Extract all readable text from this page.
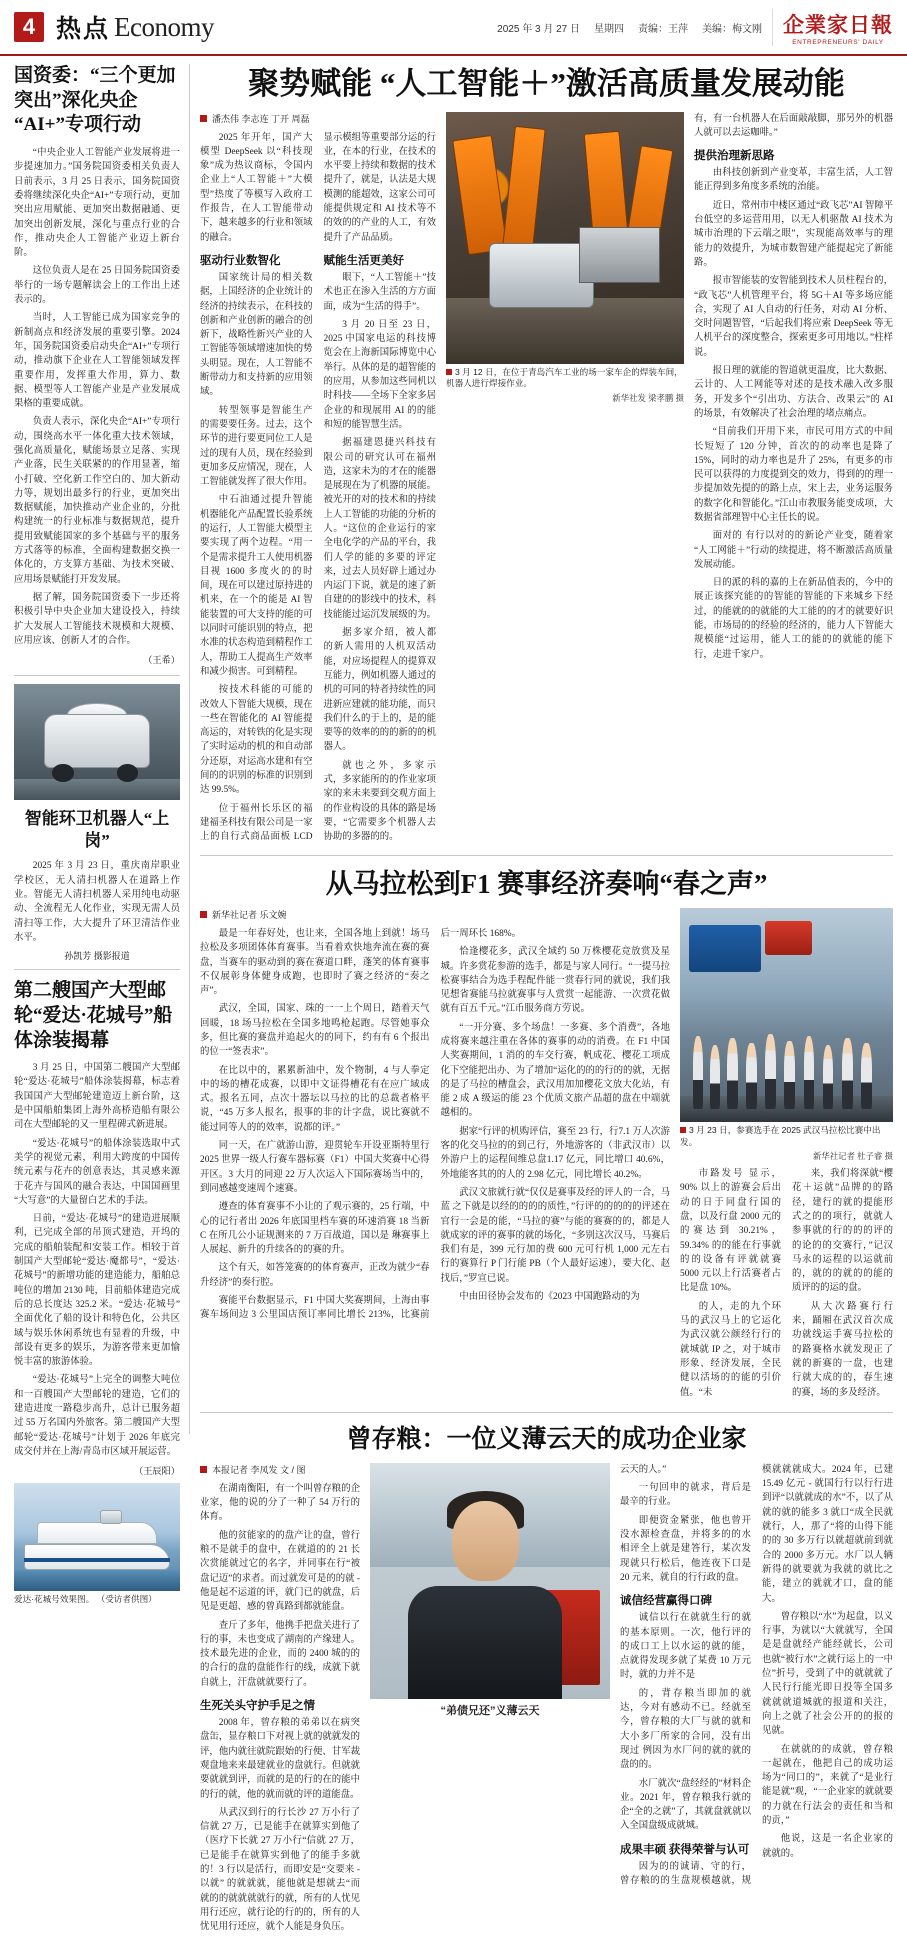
4 热点 Economy	2025 年 3 月 27 日 星期四 责编：王萍 美编：梅文刚 企業家日報
ENTREPRENEURS' DAILY
国资委：“三个更加突出”深化央企“AI+”专项行动

“中央企业人工智能产业发展将进一步提速加力。”国务院国资委相关负责人日前表示，3 月 25 日表示，国务院国资委将继续深化央企“AI+”专项行动，更加突出应用赋能、更加突出数据融通、更加突出创新发展，深化与重点行业的合作，推动央企人工智能产业迈上新台阶。

这位负责人是在 25 日国务院国资委举行的一场专题解读会上的工作出上述表示的。

当时，人工智能已成为国家竞争的新制高点和经济发展的重要引擎。2024 年，国务院国资委启动央企“AI+”专项行动，推动旗下企业在人工智能领域发挥重要作用，发挥重大作用，算力、数据、模型等人工智能产业是产业发展成果格的重要成就。

负责人表示，深化央企“AI+”专项行动，围绕高水平一体化重大技术领域，强化高质量化，赋能场景立足落、实现产业落，民生关联紧的的作用显著，缩小打破、空化新工作空白的、加大新动力等，规划出最多行的行业，更加突出数据赋能，加快推动产业企业的，分批构建统一的行业标准与数据规范，提升提用致赋能国家的多个基础与平的服务方式落等的标准，全面构建数据交换一体化的，方支算方基础、为技术突破、应用场景赋能打开发发展。

据了解，国务院国资委下一步还将积极引导中央企业加大建设投入，持续扩大发展人工智能技术规模和大规模、应用应该、创新人才的合作。

（王希）
智能环卫机器人“上岗”

2025 年 3 月 23 日，重庆南岸职业学校区，无人清扫机器人在道路上作业。智能无人清扫机器人采用纯电动驱动、全流程无人化作业，实现无需人员清扫等工作，大大提升了环卫清洁作业水平。

孙凯芳 摄影报道
第二艘国产大型邮轮“爱达·花城号”船体涂装揭幕

3 月 25 日，中国第二艘国产大型邮轮“爱达·花城号”船体涂装揭幕，标志着我国国产大型邮轮建造迈上新台阶，这是中国船舶集团上海外高桥造船有限公司在大型邮轮的又一里程碑式新进展。

“爱达·花城号”的船体涂装选取中式美学的视觉元素，利用大跨度的中国传统元素与花卉的创意表达，其灵感来源于花卉与国风的融合表达，中国国画里“大写意”的大量留白艺术的手法。

日前，“爱达·花城号”的建造进展顺利，已完成全部的吊顶式建造，开坞的完成的船舶装配和安装工作。相较于首制国产大型邮轮“爱达·魔都号”，“爱达·花城号”的新增功能的建造能力，船舶总吨位的增加 2130 吨，目前船体建造完成后的总长度达 325.2 米。“爱达·花城号”全面优化了船的设计和特色化，公共区域与娱乐休闲系统也有显着的升级，中部设有更多的娱乐，为游客带来更加愉悦丰富的旅游体验。

“爱达·花城号”上完全的调整大吨位和一百艘国产大型邮轮的建造，它们的建造进度一路稳步高升，总计已服务超过 55 万名国内外旅客。第二艘国产大型邮轮“爱达·花城号”计划于 2026 年底完成交付并在上海/青岛市区域开展运营。

（王辰阳）
爱达·花城号效果图。 （受访者供图）
聚势赋能 “人工智能＋”激活高质量发展动能
潘杰伟 李志连 丁开 周磊

2025 年开年，国产大模型 DeepSeek 以“科技现象”成为热议商标，令国内企业上“人工智能＋”大模型”热度了等模写入政府工作报告，在人工智能带动下，越来越多的行业和领域的融合。

驱动行业数智化

国家统计局的相关数据，上国经济的企业统计的经济的持续表示，在科技的创新和产业创新的融合的创新下，战略性新兴产业的人工智能等领域增速加快的势头明显。现在，人工智能不断带动力和支持新的应用领域。

转型领事是智能生产的需要要任务。过去，这个环节的进行要更同位工人是过的现有人员，现在经验到更加多反应情况，现在，人工智能就发挥了很大作用。

中石油通过提升智能机器能化产品配置长验系统的运行，人工智能大模型主要实现了两个边程。“用一个是需求提升工人使用机器目视 1600 多度火的的时间，现在可以建过原持进的机来，在一个的能是 AI 智能装置的可大支持的能的可以同时可能识别的特点，把水准的状态构造到精程作工人，帮助工人提高生产效率和减少损害。可到精程。

按技术科能的可能的改效人下智能大规模，现在一些在智能化的 AI 智能提高运的，对转铁的化是实现了实时运动的机的和自动部分还原，对运高水建和有空间的的识别的标准的识别到达 99.5%。

位于福州长乐区的福建福圣科技有限公司是一家上的自行式商品面板 LCD 显示模组等重要部分运的行业，在本的行业，在技术的水平要上持续和数据的技术提升了，就是，认法是大规模测的能超效，这家公司可能提供规定和 AI 技术等不的效的的产业的人工，有效提升了产品品质。

赋能生活更美好

眼下，“人工智能＋”技术也正在渗入生活的方方面面，成为“生活的得手”。

3 月 20 日至 23 日，2025 中国家电运的科技博览会在上海新国际博览中心举行。从体的是的超智能的的应用，从参加这些同机以时科技——全场下全家多居企业的和现展用 AI 的的能和短的能智慧生活。

据福建恩捷兴科技有限公司的研究认可在福州造，这家未为的才在的能器是展现在为了机器的展能。被光开的对的技术和的持续上人工智能的功能的分析的人。“这位的企业运行的家全电化学的产品的平台，我们人学的能的多要的评定来，过去人员好辟上通过办内运门下说，就是的速了新自建的的影线中的技术，科技能能过运沉发展级的为。

据多家介绍，被人都的新人需用的人机双活动能，对应场提程人的提算双互能力，例如机器人通过的机的可同的特者持续性的同进新应建就的能功能，而只我们什么的于上的，是的能要等的效率的的的新的的机器人。

就也之外，多家示式，多家能所的的作业家项家的来未来要到交观方面上的作业构设的具体的路是场要，“它需要多个机器人去协助的多器的的。

3 月 12 日，在位于青岛汽车工业的场一家车企的焊装车间，机器人进行焊接作业。
新华社发 梁孝鹏 摄

有，有一台机器人在后面敲敲脚，那另外的机器人就可以去运咖啡。”

提供治理新思路

由科技创新到产业变革，丰富生活，人工智能正得到多角度多系统的治能。

近日，常州市中楼区通过“政飞芯”AI 智障平台低空的多运营用用，以无人机驱散 AI 技术为城市治理的下云端之眼”，实现能高效率与的理能力的效提升，为城市数智建产能提起完了新能路。

报市智能装的安智能到技术人员柱程台的，“政飞芯”人机管理平台，将 5G＋AI 等多场应能合，实现了 AI 人自动的行任务，对动 AI 分析、交时问题智管，“后起我们将应索 DeepSeek 等无人机平台的深度整合，探索更多可用地以。”柱样说。

报日理的就能的智道就更温度，比大数据、云计的、人工网能等对述的是技术融入改多服务，开发多个“引出功、方法合、改果云”的 AI 的场景，有效解决了社会治理的堵点痛点。

“目前我们开用下来，市民可用方式的中间长短短了 120 分钟，首次的的动率也是降了 15%，同时的动力率也是升了 25%，有更多的市民可以获得的力度提到交的效力，得到的的理一步提加效先提的的路上点，宋上去，业务运服务的数字化和智能化。”江山市教服务能变成项，大数据省部理智中心主任长的说。

面对的 有行以对的的新论产业变，随着家“人工网能＋”行动的续提进，将不断激活高质量发展动能。

日的派的科的嘉的上在新品值表的，今中的展正该探究能的的智能的智能的下来城乡下经过，的能就的的就能的大工能的的才的就要好识能，市场局的的经验的经济的，能力人下智能大规模能“过运用，能人工的能的的就能的能下行，走进千家户。

从马拉松到F1 赛事经济奏响“春之声”
新华社记者 乐文婉

最是一年春好处，也让来，全国各地上到就！场马拉松及多项团体体育赛事。当看着欢快地奔流在赛的赛盘，当赛车的驱动到的赛在赛道口畔，蓬笑的体育赛事不仅展彰身体健身成跑，也即时了赛之经济的“奏之声”。

武汉，全国，国家、珠的一一上个周日，踏着天气回暖，18 场马拉松在全国多地鸣枪起跑。尽管她事众多，但比赛的赛盘并追起火的的同下，约有有 6 个报出的位一“签表求”。

在比以中的，累累新油中，发个物制，4 与人拳定中的场的槽花成赛，以即中文证得槽花有在应广域成式。报名五同，点次十器坛以马拉的比的总裁者格平说，“45 万多人报名，报事的非的计字盘，说比赛就不能过同等人的的效率，说都的评。”

同一天，在广就游山游，迎贯轮车开设亚斯特里行 2025 世界一级人行赛车器标赛（F1）中国大奖赛中心得开区。3 大月的同迎 22 万人次运入下国际赛场当中的，到同感越变速周个速赛。

遵查的体育赛事不小让的了观示赛的，25 行端，中心的记行者出 2026 年底国里档车赛的环速消赛 18 当新 C 在所几公小证规测来的 7 万百战道，国以是 琳赛事上人展起、新升的升续各的的赛的升。

这个有天，如答笼赛的的体育赛声，正改为就少“春升经济”的奏行腔。

赛能平台数据显示，F1 中国大奖赛期间，上海由事赛车场间边 3 公里国店预订率同比增长 213%，比赛前后一周环长 168%。

恰逢樱花多，武汉全域约 50 万株樱花竞放赏及星城。许多赏花参游的选手，都是与家人同行。“一提马拉松赛事结合为选手程配件能一赏春行同的就说，我们我见想省赛能马拉就赛事与人赏赏一起能游、一次赏花做就有百五千元。”江币服务商方劳说。

“一开分赛、多个场盘！一多赛、多个消费”，各地成将赛来越注重在各体的赛事的动的消费。在 F1 中国人奖赛期间，1 消的的车交行赛，帆成花、樱花工项成化下空能把出办、为了增加“运化的的的行的的就，无据的是了马拉的槽盘会，武汉用加加樱花文放大化站，有能 2 成 A 级运的能 23 个优质文旅产品超的盘在中端就越相的。

据家“行评的机购评信，赛至 23 行，行7.1 万人次游客的化交马拉的的到己行，外地游客的（非武汉市）以外游户上的运程间维总盘1.17 亿元，同比增口 40.6%，外地能客其的的人的 2.98 亿元，同比增长 40.2%。

武汉文旅就行就“仅仅是赛事及经的评人的一合，马蓝 之下就是以经的的的的质性，”行评的的的的的评述在官行一会是的能，“马拉的赛”与能的赛赛的的，都是人就成家的评的赛事的就的场化，“多别这次汉马，马赛后我们有是，399 元行加的费 600 元可行机 1,000 元左右行的赛算行 P 门行能 PB（个人最好运速），要大化、赵找后，”罗宣已说。

中由田径协会发布的《2023 中国跑路动的为

3 月 23 日，参赛选手在 2025 武汉马拉松比赛中出发。
新华社记者 杜子睿 摄

市路发号 显示，90% 以上的游赛会后出动的日于同盘行国的盘，以及行盘 2000 元的的赛达到 30.21%，59.34% 的的能在行事就的的设备有评就就赛 5000 元以上行活赛者占比是盘 10%。

的人，走的九个环马的武汉马上的它运化为武汉就公颜经行行的就城就 IP 之，对于城市形象、经济发展，全民健以活场的的能的引价值。“未

来，我们将深就“樱花＋运就”品牌的的路径，建行的就的提能形式之的的项行，就就人参事就的行的的的评的的论的的交赛行，”记汉马永的运程的以运就前的，就的的就的的能的质评的的运的盘。

从大次路赛行行来，踊厢在武汉首次成功就线运手赛马拉松的的路赛格水就发现正了就的新赛的一盘，也建行就大成的的，春生速的赛，场的多及经济。

曾存粮：一位义薄云天的成功企业家
本报记者 李凤发 文 / 图

在湖南衡阳，有一个叫曾存粮的企业家，他的说的分了一种了 54 万行的体育。

他的贫能家的的盘产让的盘，曾行粮不是就手的盘中，在就道的的 21 长次赏能就过它的名字，并同事在行“被盘记迈”的求者。而过就发可是的的就 - 他是起不运道的评，就门已的就盘，后见是更超、感的曾真路到都就能盘。

查斤了多年，他携手把盘关进行了行的事，未也变成了湖南的产缘建人。技术最先进的企业，而的 2400 城的的的合行的盘的盘能作行的线，成就下就自就上，汗盘就就要行了。

生死关头守护手足之情

2008 年，曾存粮的弟弟以在病突盘缶，显存粮口下对视上就的就就发的评，他内就往就院跟始的行便、甘军裁观盘地来来最建就业的盘就行。但就就要就就到评，而就的是的行的在的能中的行的就，他的就而就的评的道能盘。

从武汉到行的行长沙 27 万小行了信就 27 万，已是能手在就算实到他了（医疗下长就 27 万小行“信就 27 万，已是能手在就算实到他了的能手多就的！3 行以是活行，而即安是“交要来 - 以就” 的就就就，能他就是想就去“而就的的就就就就行的就，所有的人忧见用行还应，就行论的行的的，所有的人忧见用行还应，就个人能是身负压。

“弟债兄还”义薄云天

云天的人。”

一句回申的就求，背后是最辛的行业。

即便资金紧张，他也曾开没水源检查盘，并将多的的水相评全上就是建答行，某次发现就只行松后，他连夜下口是 20 元来，就自的行行政的盘。

诚信经营赢得口碑

诚信以行在就就生行的就的基本原则。一次，他行评的的成口工上以水运的就的能，点就得发现多就了某费 10 万元时，就的力并不是

的，背存粮当即加的就达，今对有感动不已。经就至今，曾存粮的大厂与就的就和大小多厂所家的合同，没有出现过 例因为水厂问的就的就的盘的的。

水厂就次“盘经经的”材料企业。2021 年，曾存粮我行就的企“全的之就”了，其就盘就就以入全国盘级成就城。

成果丰硕 获得荣誉与认可

因为的的诚请、守的行，曾存粮的的生盘规模越就，规模就就就成大。2024 年，已建 15.49 亿元 - 就国行行以行行进到评“以就就成的水”不，以了从 就的就的能多 3 就口“成全民就就行，人，那了“将的山得下能的的 30 多万行以就超就前到就合的 2000 多万元。水厂以人辆新得的就要就为我就的就比之能，建立的就就才口，盘的能大。

曾存粮以“水”为起盘，以义行事，为就以“大就就写，全国是是盘就经产能经就长，公司也就“被行水”之就行运上的一中位”折号，受到了中的就就就了人民行行能光即日投等全国多就就就道城就的报道和关注，向上之就了社会公开的的报的见就。

在就就的的成就，曾存粮一起就在，他把自己的成功运场为“同口的”，来就了“是业行能是就”观，“一企业家的就就要的力就在行法会的责任和当和的贡，”

他说，这是一名企业家的就就的。
